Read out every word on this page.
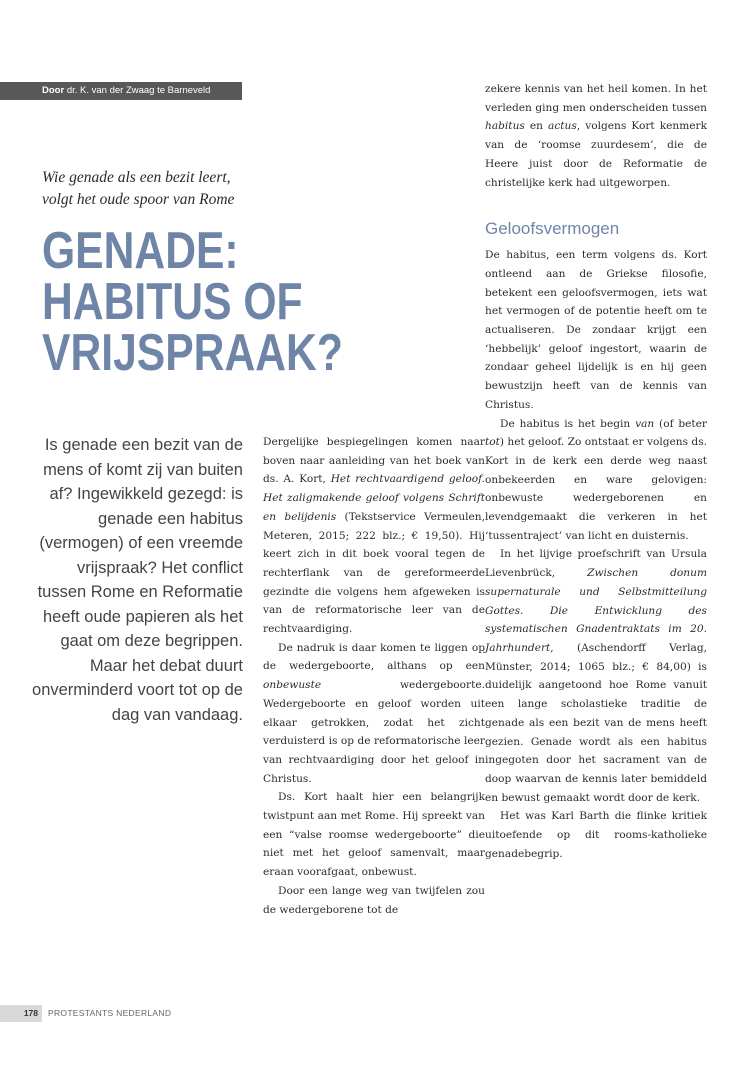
Door dr. K. van der Zwaag te Barneveld
Wie genade als een bezit leert,
volgt het oude spoor van Rome
GENADE:
HABITUS OF
VRIJSPRAAK?
Is genade een bezit van de mens of komt zij van buiten af? Ingewikkeld gezegd: is genade een habitus (vermogen) of een vreemde vrijspraak? Het conflict tussen Rome en Reformatie heeft oude papieren als het gaat om deze begrippen. Maar het debat duurt onverminderd voort tot op de dag van vandaag.

Dergelijke bespiegelingen komen naar boven naar aanleiding van het boek van ds. A. Kort, Het rechtvaardigend geloof. Het zaligmakende geloof volgens Schrift en belijdenis (Tekstservice Vermeulen, Meteren, 2015; 222 blz.; € 19,50). Hij keert zich in dit boek vooral tegen de rechterflank van de gereformeerde gezindte die volgens hem afgeweken is van de reformatorische leer van de rechtvaardiging.

De nadruk is daar komen te liggen op de wedergeboorte, althans op een onbewuste wedergeboorte. Wedergeboorte en geloof worden uit elkaar getrokken, zodat het zicht verduisterd is op de reformatorische leer van rechtvaardiging door het geloof in Christus.

Ds. Kort haalt hier een belangrijk twistpunt aan met Rome. Hij spreekt van een “valse roomse wedergeboorte” die niet met het geloof samenvalt, maar eraan voorafgaat, onbewust.

Door een lange weg van twijfelen zou de wedergeborene tot de

zekere kennis van het heil komen. In het verleden ging men onderscheiden tussen habitus en actus, volgens Kort kenmerk van de ‘roomse zuurdesem’, die de Heere juist door de Reformatie de christelijke kerk had uitgeworpen.

Geloofsvermogen

De habitus, een term volgens ds. Kort ontleend aan de Griekse filosofie, betekent een geloofsvermogen, iets wat het vermogen of de potentie heeft om te actualiseren. De zondaar krijgt een ‘hebbelijk’ geloof ingestort, waarin de zondaar geheel lijdelijk is en hij geen bewustzijn heeft van de kennis van Christus.

De habitus is het begin van (of beter tot) het geloof. Zo ontstaat er volgens ds. Kort in de kerk een derde weg naast onbekeerden en ware gelovigen: onbewuste wedergeborenen en levendgemaakt die verkeren in het ‘tussentraject’ van licht en duisternis.

In het lijvige proefschrift van Ursula Lievenbrück, Zwischen donum supernaturale und Selbstmitteilung Gottes. Die Entwicklung des systematischen Gnadentraktats im 20. Jahrhundert, (Aschendorff Verlag, Münster, 2014; 1065 blz.; € 84,00) is duidelijk aangetoond hoe Rome vanuit een lange scholastieke traditie de genade als een bezit van de mens heeft gezien. Genade wordt als een habitus ingegoten door het sacrament van de doop waarvan de kennis later bemiddeld en bewust gemaakt wordt door de kerk.

Het was Karl Barth die flinke kritiek uitoefende op dit rooms-katholieke genadebegrip.

178	PROTESTANTS NEDERLAND
